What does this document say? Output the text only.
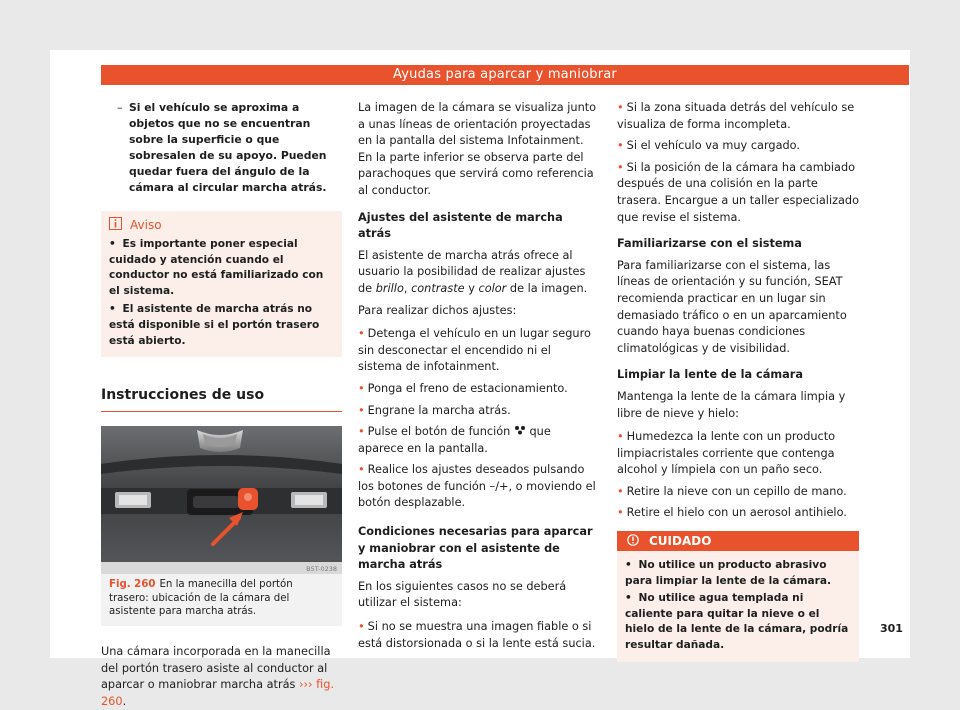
Ayudas para aparcar y maniobrar
– Si el vehículo se aproxima a objetos que no se encuentran sobre la superficie o que sobresalen de su apoyo. Pueden quedar fuera del ángulo de la cámara al circular marcha atrás.
Aviso

• Es importante poner especial cuidado y atención cuando el conductor no está familiarizado con el sistema.

• El asistente de marcha atrás no está disponible si el portón trasero está abierto.

Instrucciones de uso
B5T-0238
Fig. 260 En la manecilla del portón trasero: ubicación de la cámara del asistente para marcha atrás.

Una cámara incorporada en la manecilla del portón trasero asiste al conductor al aparcar o maniobrar marcha atrás ››› fig. 260.

La imagen de la cámara se visualiza junto a unas líneas de orientación proyectadas en la pantalla del sistema Infotainment. En la parte inferior se observa parte del parachoques que servirá como referencia al conductor.

Ajustes del asistente de marcha atrás

El asistente de marcha atrás ofrece al usuario la posibilidad de realizar ajustes de brillo, contraste y color de la imagen.

Para realizar dichos ajustes:

• Detenga el vehículo en un lugar seguro sin desconectar el encendido ni el sistema de infotainment.

• Ponga el freno de estacionamiento.

• Engrane la marcha atrás.

• Pulse el botón de función que aparece en la pantalla.

• Realice los ajustes deseados pulsando los botones de función –/+, o moviendo el botón desplazable.

Condiciones necesarias para aparcar y maniobrar con el asistente de marcha atrás

En los siguientes casos no se deberá utilizar el sistema:

• Si no se muestra una imagen fiable o si está distorsionada o si la lente está sucia.

• Si la zona situada detrás del vehículo se visualiza de forma incompleta.

• Si el vehículo va muy cargado.

• Si la posición de la cámara ha cambiado después de una colisión en la parte trasera. Encargue a un taller especializado que revise el sistema.

Familiarizarse con el sistema

Para familiarizarse con el sistema, las líneas de orientación y su función, SEAT recomienda practicar en un lugar sin demasiado tráfico o en un aparcamiento cuando haya buenas condiciones climatológicas y de visibilidad.

Limpiar la lente de la cámara

Mantenga la lente de la cámara limpia y libre de nieve y hielo:

• Humedezca la lente con un producto limpiacristales corriente que contenga alcohol y límpiela con un paño seco.

• Retire la nieve con un cepillo de mano.

• Retire el hielo con un aerosol antihielo.

CUIDADO

• No utilice un producto abrasivo para limpiar la lente de la cámara.

• No utilice agua templada ni caliente para quitar la nieve o el hielo de la lente de la cámara, podría resultar dañada.

301
